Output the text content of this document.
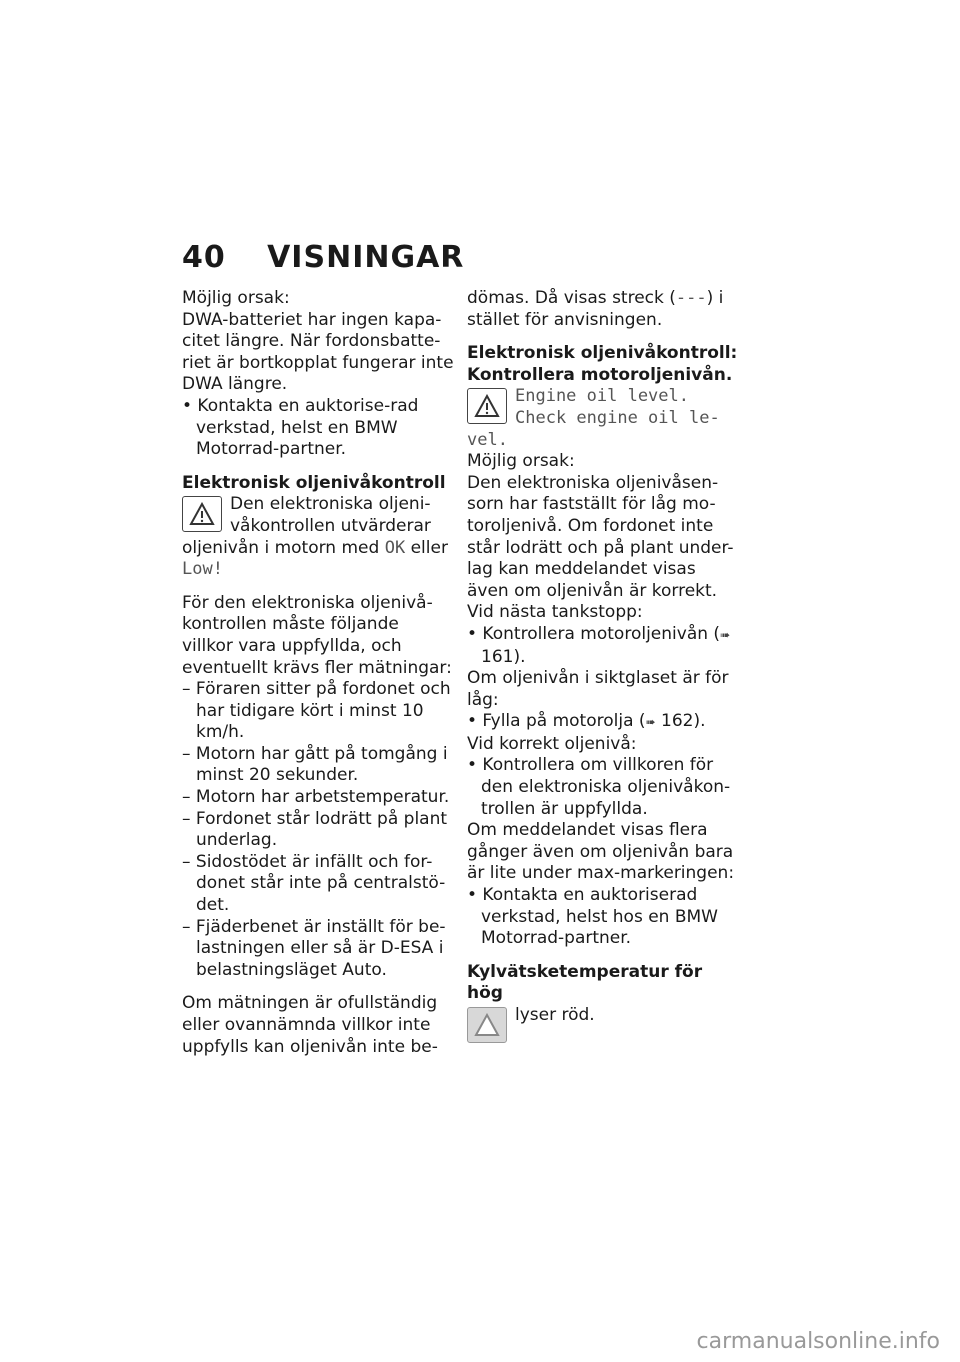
40 VISNINGAR

Möjlig orsak:

DWA-batteriet har ingen kapa-citet längre. När fordonsbatte-riet är bortkopplat fungerar inte DWA längre.

• Kontakta en auktorise-rad verkstad, helst en BMW Motorrad-partner.

Elektronisk oljenivåkontroll

Den elektroniska oljeni-våkontrollen utvärderar oljenivån i motorn med OK eller Low!

För den elektroniska oljenivå-kontrollen måste följande villkor vara uppfyllda, och eventuellt krävs fler mätningar:

– Föraren sitter på fordonet och har tidigare kört i minst 10 km/h.

– Motorn har gått på tomgång i minst 20 sekunder.

– Motorn har arbetstemperatur.

– Fordonet står lodrätt på plant underlag.

– Sidostödet är infällt och for-donet står inte på centralstö-det.

– Fjäderbenet är inställt för be-lastningen eller så är D-ESA i belastningsläget Auto.

Om mätningen är ofullständig eller ovannämnda villkor inte uppfylls kan oljenivån inte be-

dömas. Då visas streck (---) i stället för anvisningen.

Elektronisk oljenivåkontroll: Kontrollera motoroljenivån.

Engine oil level. Check engine oil le-vel.

Möjlig orsak:

Den elektroniska oljenivåsen-sorn har fastställt för låg mo-toroljenivå. Om fordonet inte står lodrätt och på plant under-lag kan meddelandet visas även om oljenivån är korrekt. Vid nästa tankstopp:

• Kontrollera motoroljenivån (➠ 161).

Om oljenivån i siktglaset är för låg:

• Fylla på motorolja (➠ 162).

Vid korrekt oljenivå:

• Kontrollera om villkoren för den elektroniska oljenivåkon-trollen är uppfyllda.

Om meddelandet visas flera gånger även om oljenivån bara är lite under max-markeringen:

• Kontakta en auktoriserad verkstad, helst hos en BMW Motorrad-partner.

Kylvätsketemperatur för hög

lyser röd.

carmanualsonline.info
